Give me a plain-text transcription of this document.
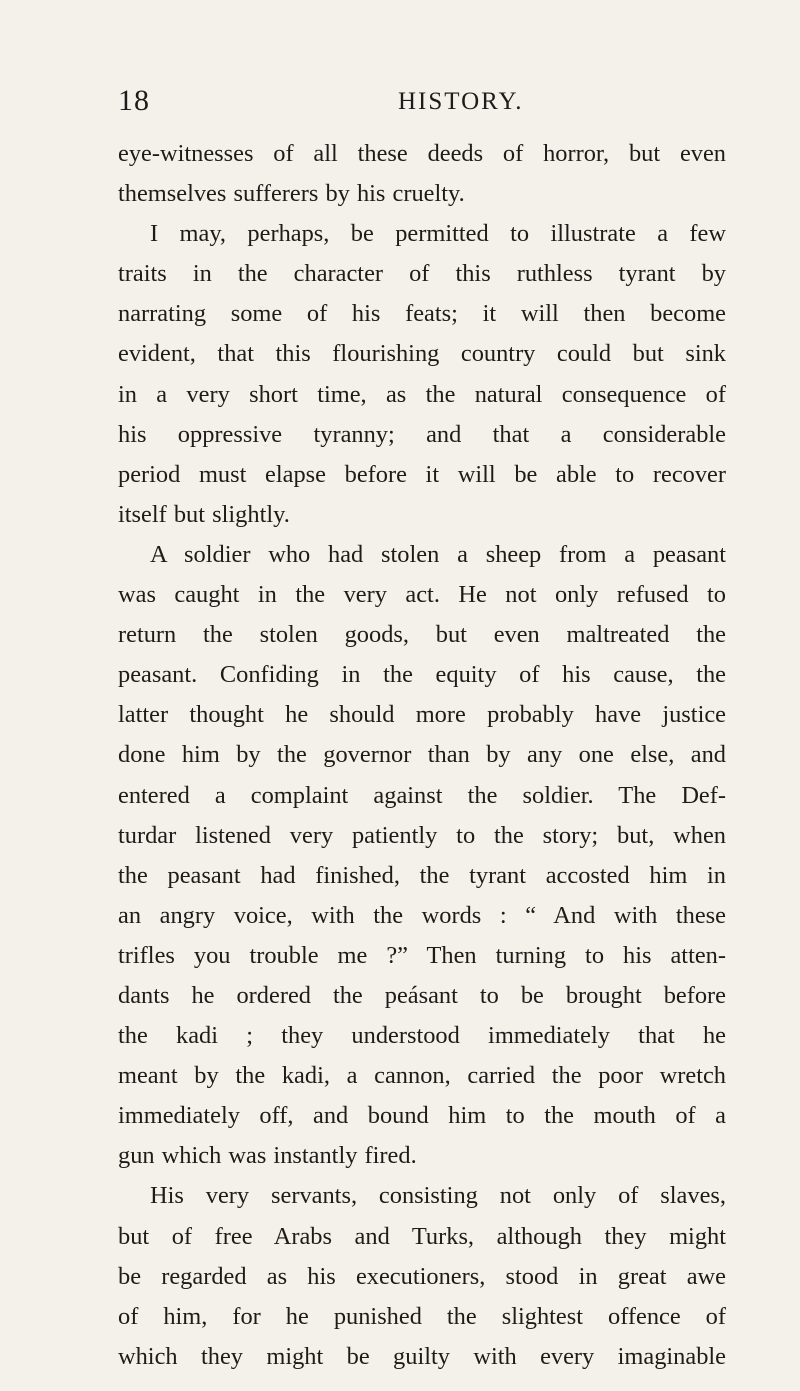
18	HISTORY.
eye-witnesses of all these deeds of horror, but even
themselves sufferers by his cruelty.
I may, perhaps, be permitted to illustrate a few
traits in the character of this ruthless tyrant by
narrating some of his feats; it will then become
evident, that this flourishing country could but sink
in a very short time, as the natural consequence of
his oppressive tyranny; and that a considerable
period must elapse before it will be able to recover
itself but slightly.
A soldier who had stolen a sheep from a peasant
was caught in the very act. He not only refused to
return the stolen goods, but even maltreated the
peasant. Confiding in the equity of his cause, the
latter thought he should more probably have justice
done him by the governor than by any one else, and
entered a complaint against the soldier. The Def-
turdar listened very patiently to the story; but, when
the peasant had finished, the tyrant accosted him in
an angry voice, with the words : “ And with these
trifles you trouble me ?” Then turning to his atten-
dants he ordered the peásant to be brought before
the kadi ; they understood immediately that he
meant by the kadi, a cannon, carried the poor wretch
immediately off, and bound him to the mouth of a
gun which was instantly fired.
His very servants, consisting not only of slaves,
but of free Arabs and Turks, although they might
be regarded as his executioners, stood in great awe
of him, for he punished the slightest offence of
which they might be guilty with every imaginable
